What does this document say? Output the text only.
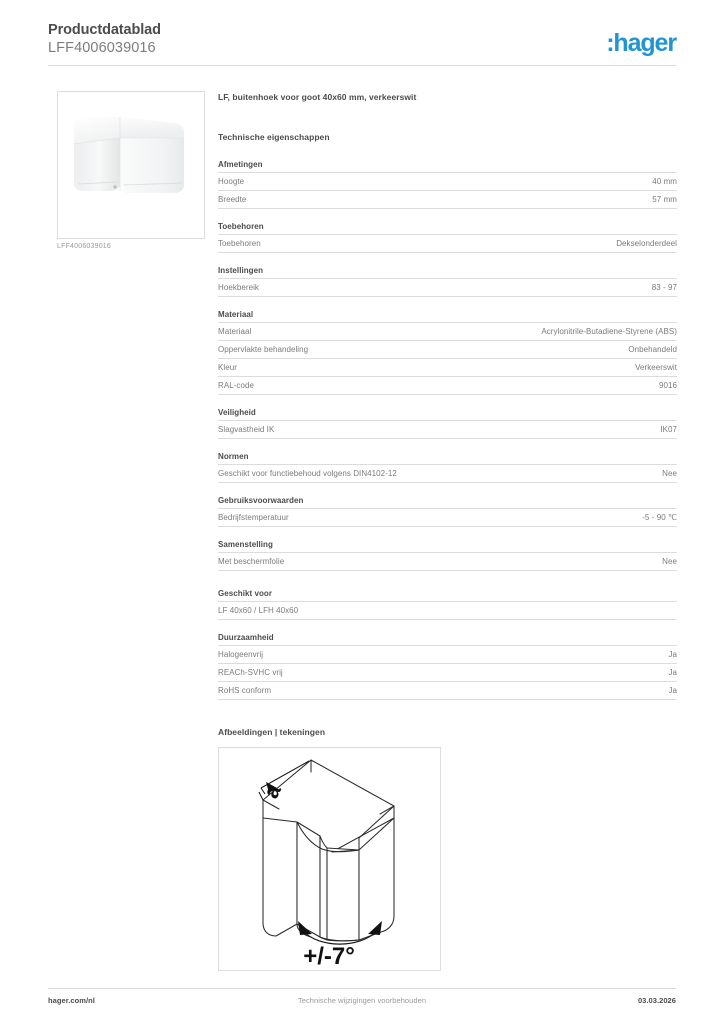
Productdatablad
LFF4006039016	:hager
LFF4006039016
LF, buitenhoek voor goot 40x60 mm, verkeerswit
Technische eigenschappen
Afmetingen
Hoogte	40 mm
Breedte	57 mm
Toebehoren
Toebehoren	Dekselonderdeel
Instellingen
Hoekbereik	83 - 97
Materiaal
Materiaal	Acrylonitrile-Butadiene-Styrene (ABS)
Oppervlakte behandeling	Onbehandeld
Kleur	Verkeerswit
RAL-code	9016
Veiligheid
Slagvastheid IK	IK07
Normen
Geschikt voor functiebehoud volgens DIN4102-12	Nee
Gebruiksvoorwaarden
Bedrijfstemperatuur	-5 - 90 ℃
Samenstelling
Met beschermfolie	Nee
Geschikt voor
LF 40x60 / LFH 40x60
Duurzaamheid
Halogeenvrij	Ja
REACh-SVHC vrij	Ja
RoHS conform	Ja
Afbeeldingen | tekeningen
a
+/-7°
hager.com/nl	Technische wijzigingen voorbehouden	03.03.2026
